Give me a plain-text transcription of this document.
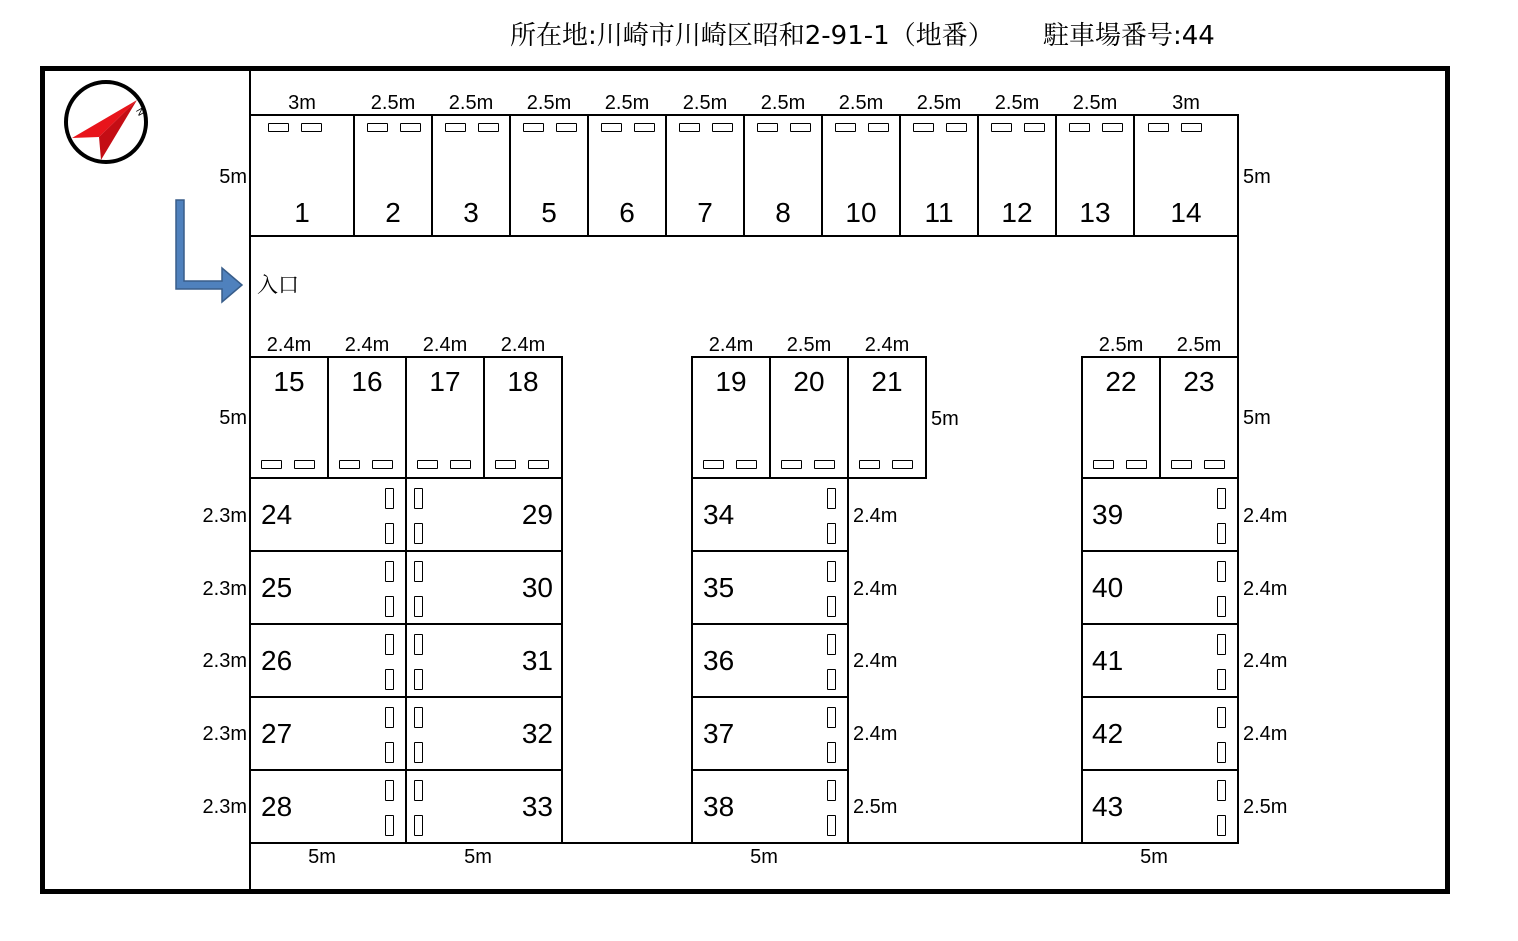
所在地:川崎市川崎区昭和2-91-1（地番） 駐車場番号:44
N
入口
5m	5m
1	2	3	5	6	7	8	10	11	12	13	14
3m	2.5m	2.5m	2.5m	2.5m	2.5m	2.5m	2.5m	2.5m	2.5m	2.5m	3m
5m	5m	5m
15	16	17	18	19	20	21	22	23
2.4m	2.4m	2.4m	2.4m	2.4m	2.5m	2.4m	2.5m	2.5m
24
25
26
27
28
29
30
31
32
33
2.3m
2.3m
2.3m
2.3m
2.3m
34
35
36
37
38
2.4m
2.4m
2.4m
2.4m
2.5m
39
40
41
42
43
2.4m
2.4m
2.4m
2.4m
2.5m
5m	5m	5m	5m
